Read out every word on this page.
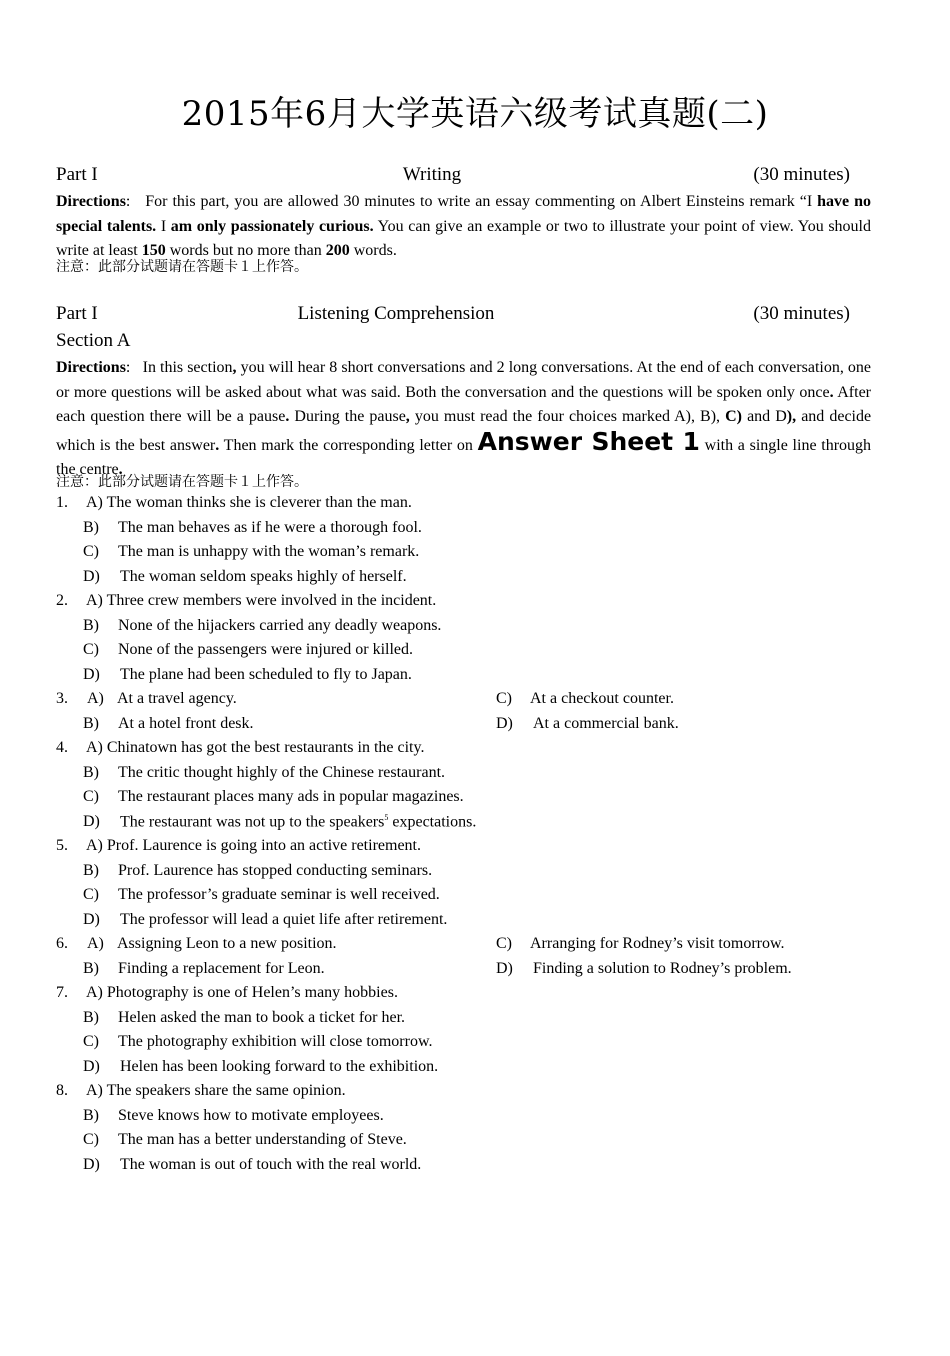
2015年6月大学英语六级考试真题(二)
Part I	Writing	(30 minutes)
Directions: For this part, you are allowed 30 minutes to write an essay commenting on Albert Einsteins remark “I have no special talents. I am only passionately curious. You can give an example or two to illustrate your point of view. You should write at least 150 words but no more than 200 words.
注意：此部分试题请在答题卡１上作答。
Part I	Listening Comprehension	(30 minutes)
Section A
Directions: In this section, you will hear 8 short conversations and 2 long conversations. At the end of each conversation, one or more questions will be asked about what was said. Both the conversation and the questions will be spoken only once. After each question there will be a pause. During the pause, you must read the four choices marked A), B), C) and D), and decide which is the best answer. Then mark the corresponding letter on Answer Sheet 1 with a single line through the centre.
注意：此部分试题请在答题卡１上作答。
1. A) The woman thinks she is cleverer than the man.
B) The man behaves as if he were a thorough fool.
C) The man is unhappy with the woman’s remark.
D) The woman seldom speaks highly of herself.
2. A) Three crew members were involved in the incident.
B) None of the hijackers carried any deadly weapons.
C) None of the passengers were injured or killed.
D) The plane had been scheduled to fly to Japan.
3. A) At a travel agency.	C) At a checkout counter.
B) At a hotel front desk.	D) At a commercial bank.
4. A) Chinatown has got the best restaurants in the city.
B) The critic thought highly of the Chinese restaurant.
C) The restaurant places many ads in popular magazines.
D) The restaurant was not up to the speakers$^5$ expectations.
5. A) Prof. Laurence is going into an active retirement.
B) Prof. Laurence has stopped conducting seminars.
C) The professor’s graduate seminar is well received.
D) The professor will lead a quiet life after retirement.
6. A) Assigning Leon to a new position.	C) Arranging for Rodney’s visit tomorrow.
B) Finding a replacement for Leon.	D) Finding a solution to Rodney’s problem.
7. A) Photography is one of Helen’s many hobbies.
B) Helen asked the man to book a ticket for her.
C) The photography exhibition will close tomorrow.
D) Helen has been looking forward to the exhibition.
8. A) The speakers share the same opinion.
B) Steve knows how to motivate employees.
C) The man has a better understanding of Steve.
D) The woman is out of touch with the real world.
